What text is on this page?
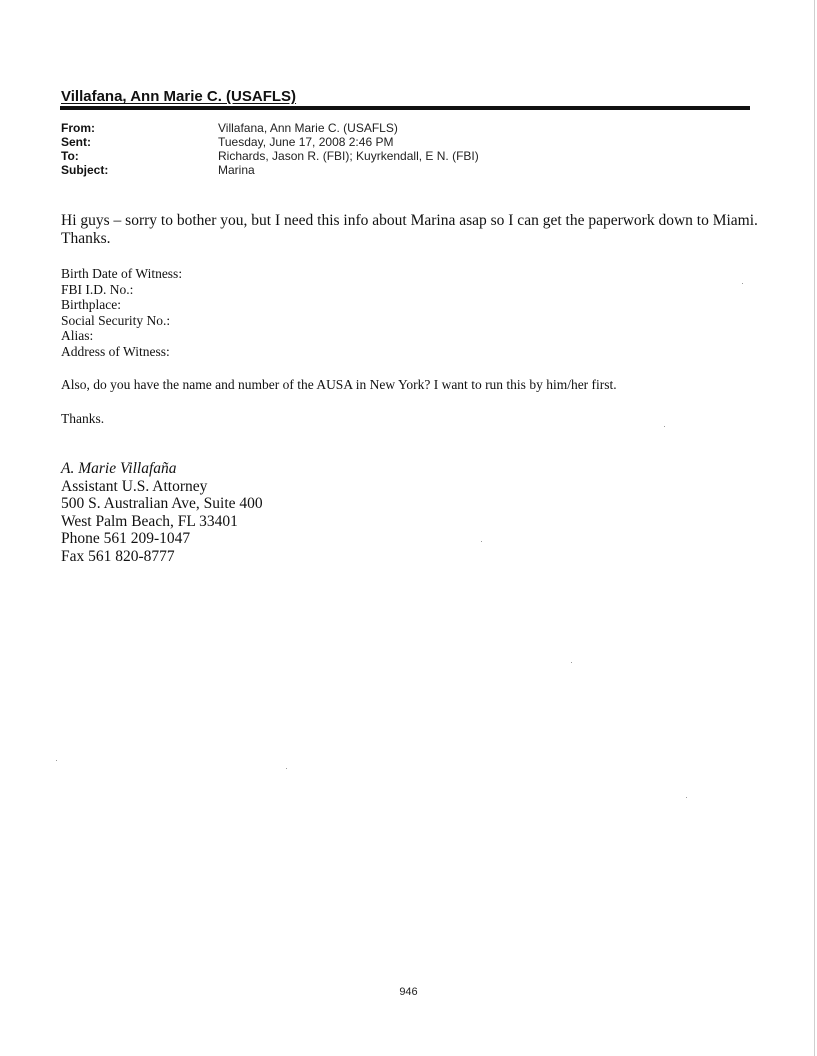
Villafana, Ann Marie C. (USAFLS)
From:	Villafana, Ann Marie C. (USAFLS)
Sent:	Tuesday, June 17, 2008 2:46 PM
To:	Richards, Jason R. (FBI); Kuyrkendall, E N. (FBI)
Subject:	Marina
Hi guys – sorry to bother you, but I need this info about Marina asap so I can get the paperwork down to Miami.
Thanks.
Birth Date of Witness:
FBI I.D. No.:
Birthplace:
Social Security No.:
Alias:
Address of Witness:
Also, do you have the name and number of the AUSA in New York? I want to run this by him/her first.
Thanks.
A. Marie Villafaña
Assistant U.S. Attorney
500 S. Australian Ave, Suite 400
West Palm Beach, FL 33401
Phone 561 209-1047
Fax 561 820-8777
946
